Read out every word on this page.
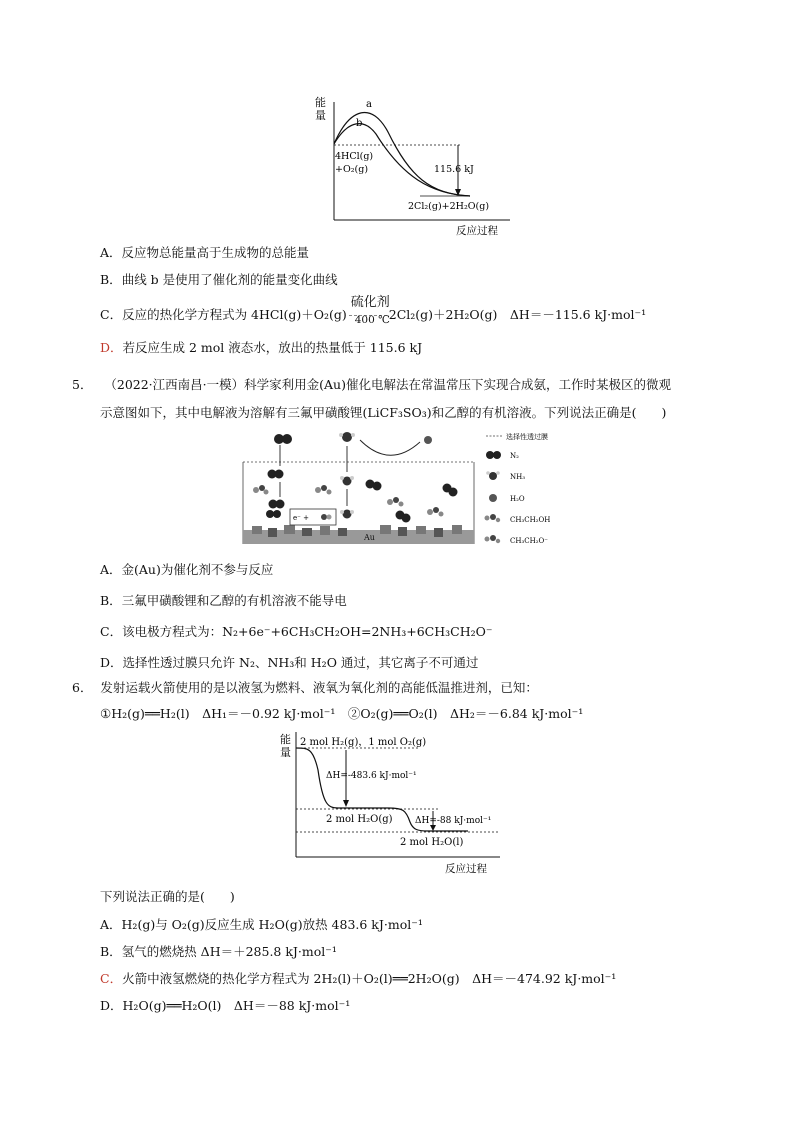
能
量
a
b
4HCl(g)
+O₂(g)	115.6 kJ
2Cl₂(g)+2H₂O(g)
反应过程
A．反应物总能量高于生成物的总能量
B．曲线 b 是使用了催化剂的能量变化曲线
C．反应的热化学方程式为 4HCl(g)＋O₂(g)
硫化剂
400 ℃
2Cl₂(g)＋2H₂O(g)　ΔH＝－115.6 kJ·mol⁻¹
D．若反应生成 2 mol 液态水，放出的热量低于 115.6 kJ
5． （2022·江西南昌·一模）科学家利用金(Au)催化电解法在常温常压下实现合成氨，工作时某极区的微观
示意图如下，其中电解液为溶解有三氟甲磺酸锂(LiCF₃SO₃)和乙醇的有机溶液。下列说法正确是(　　)
Au
e⁻ +
选择性透过膜
N₂
NH₃
H₂O
CH₃CH₂OH
CH₃CH₂O⁻
A．金(Au)为催化剂不参与反应
B．三氟甲磺酸锂和乙醇的有机溶液不能导电
C．该电极方程式为：N₂+6e⁻+6CH₃CH₂OH=2NH₃+6CH₃CH₂O⁻
D．选择性透过膜只允许 N₂、NH₃和 H₂O 通过，其它离子不可通过
6． 发射运载火箭使用的是以液氢为燃料、液氧为氧化剂的高能低温推进剂，已知：
①H₂(g)══H₂(l)　ΔH₁＝－0.92 kJ·mol⁻¹　②O₂(g)══O₂(l)　ΔH₂＝－6.84 kJ·mol⁻¹
能
量
2 mol H₂(g)，1 mol O₂(g)
ΔH=-483.6 kJ·mol⁻¹
2 mol H₂O(g) ΔH=-88 kJ·mol⁻¹
2 mol H₂O(l)
反应过程
下列说法正确的是(　　)
A．H₂(g)与 O₂(g)反应生成 H₂O(g)放热 483.6 kJ·mol⁻¹
B．氢气的燃烧热 ΔH＝＋285.8 kJ·mol⁻¹
C．火箭中液氢燃烧的热化学方程式为 2H₂(l)＋O₂(l)══2H₂O(g)　ΔH＝－474.92 kJ·mol⁻¹
D．H₂O(g)══H₂O(l)　ΔH＝－88 kJ·mol⁻¹
